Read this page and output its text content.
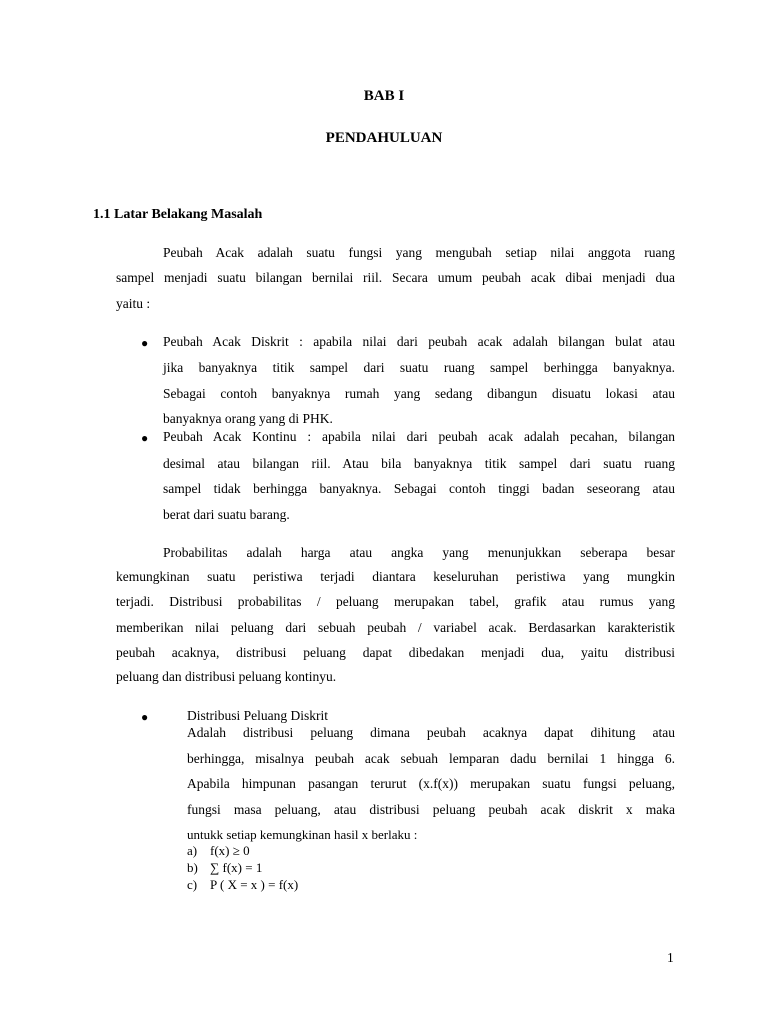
BAB I
PENDAHULUAN
1.1 Latar Belakang Masalah
Peubah Acak adalah suatu fungsi yang mengubah setiap nilai anggota ruang
sampel menjadi suatu bilangan bernilai riil. Secara umum peubah acak dibai menjadi dua
yaitu :
● Peubah Acak Diskrit : apabila nilai dari peubah acak adalah bilangan bulat atau
jika banyaknya titik sampel dari suatu ruang sampel berhingga banyaknya.
Sebagai contoh banyaknya rumah yang sedang dibangun disuatu lokasi atau
banyaknya orang yang di PHK.
● Peubah Acak Kontinu : apabila nilai dari peubah acak adalah pecahan, bilangan
desimal atau bilangan riil. Atau bila banyaknya titik sampel dari suatu ruang
sampel tidak berhingga banyaknya. Sebagai contoh tinggi badan seseorang atau
berat dari suatu barang.
Probabilitas adalah harga atau angka yang menunjukkan seberapa besar
kemungkinan suatu peristiwa terjadi diantara keseluruhan peristiwa yang mungkin
terjadi. Distribusi probabilitas / peluang merupakan tabel, grafik atau rumus yang
memberikan nilai peluang dari sebuah peubah / variabel acak. Berdasarkan karakteristik
peubah acaknya, distribusi peluang dapat dibedakan menjadi dua, yaitu distribusi
peluang dan distribusi peluang kontinyu.
●	Distribusi Peluang Diskrit
Adalah distribusi peluang dimana peubah acaknya dapat dihitung atau
berhingga, misalnya peubah acak sebuah lemparan dadu bernilai 1 hingga 6.
Apabila himpunan pasangan terurut (x.f(x)) merupakan suatu fungsi peluang,
fungsi masa peluang, atau distribusi peluang peubah acak diskrit x maka
untukk setiap kemungkinan hasil x berlaku :
a) f(x) ≥ 0
b) ∑ f(x) = 1
c) P ( X = x ) = f(x)
1
